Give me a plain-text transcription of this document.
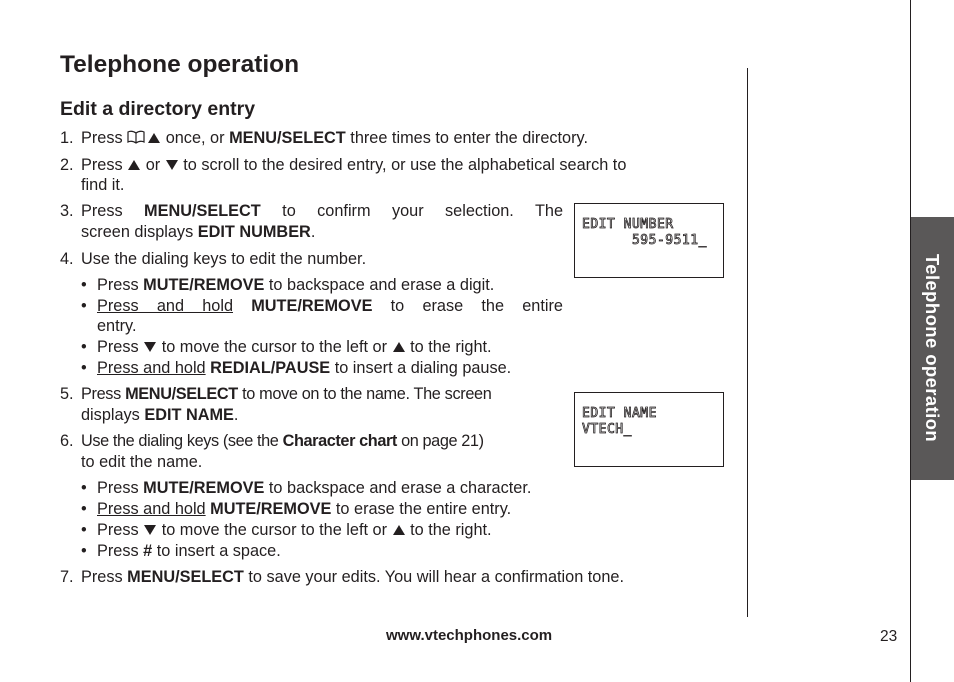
Telephone operation
Edit a directory entry
Telephone operation
1. Press	once, or MENU/SELECT three times to enter the directory.
2. Press or to scroll to the desired entry, or use the alphabetical search to
find it.
3. Press MENU/SELECT to confirm your selection. The
screen displays EDIT NUMBER.	EDIT NUMBER
595-9511_
4. Use the dialing keys to edit the number.
• Press MUTE/REMOVE to backspace and erase a digit.
• Press and hold MUTE/REMOVE to erase the entire
entry.
• Press to move the cursor to the left or to the right.
• Press and hold REDIAL/PAUSE to insert a dialing pause.
5. Press MENU/SELECT to move on to the name. The screen
displays EDIT NAME.	EDIT NAME
VTECH_
6. Use the dialing keys (see the Character chart on page 21)
to edit the name.
• Press MUTE/REMOVE to backspace and erase a character.
• Press and hold MUTE/REMOVE to erase the entire entry.
• Press to move the cursor to the left or to the right.
• Press # to insert a space.
7. Press MENU/SELECT to save your edits. You will hear a confirmation tone.
www.vtechphones.com	23
